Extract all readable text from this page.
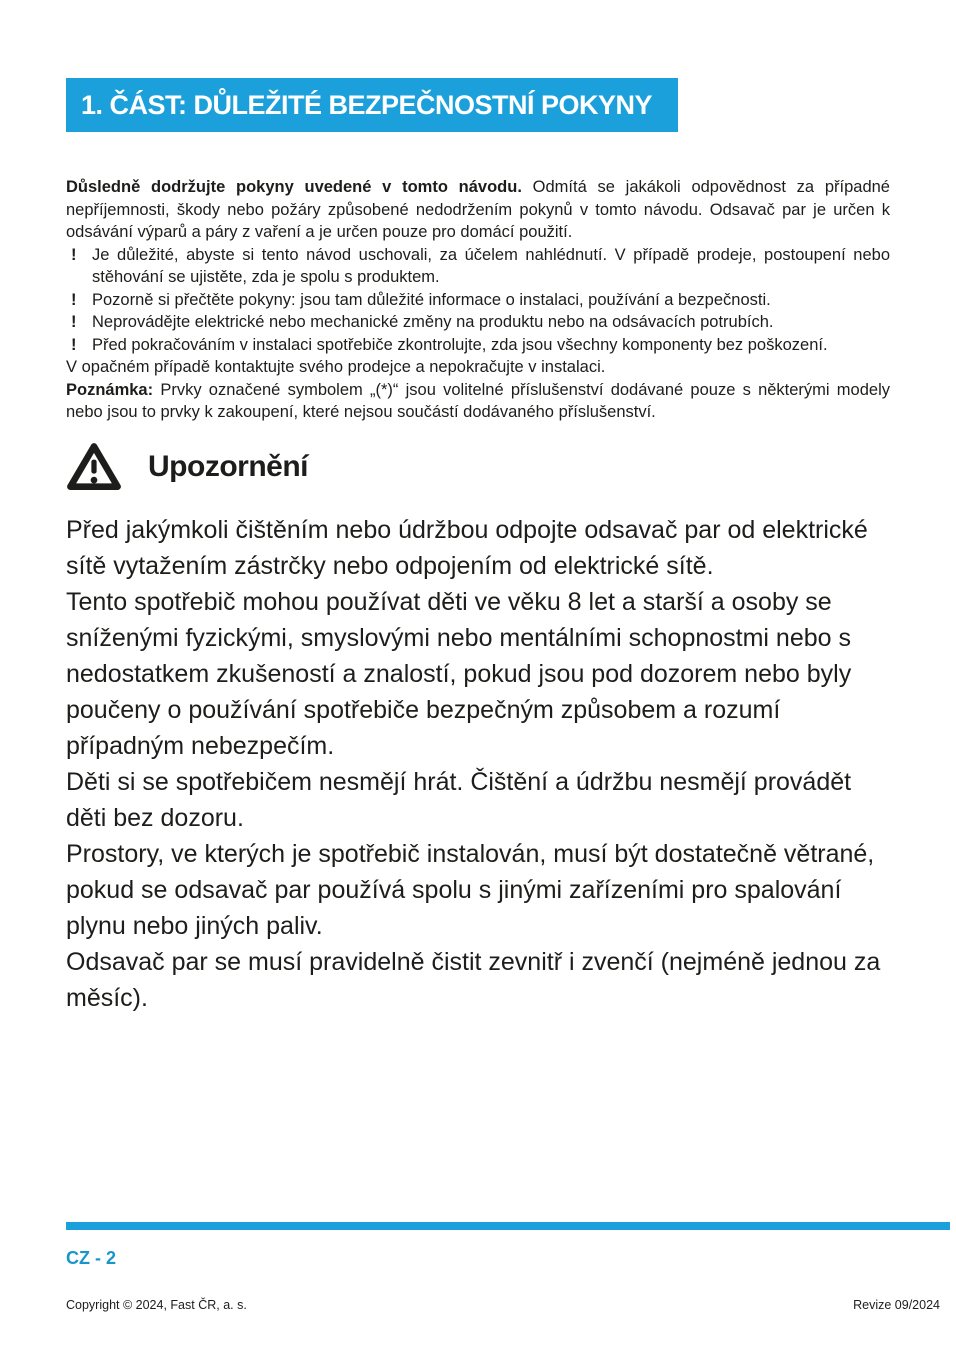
1. ČÁST: DŮLEŽITÉ BEZPEČNOSTNÍ POKYNY

Důsledně dodržujte pokyny uvedené v tomto návodu. Odmítá se jakákoli odpovědnost za případné nepříjemnosti, škody nebo požáry způsobené nedodržením pokynů v tomto návodu. Odsavač par je určen k odsávání výparů a páry z vaření a je určen pouze pro domácí použití.

! Je důležité, abyste si tento návod uschovali, za účelem nahlédnutí. V případě prodeje, postoupení nebo stěhování se ujistěte, zda je spolu s produktem.
! Pozorně si přečtěte pokyny: jsou tam důležité informace o instalaci, používání a bezpečnosti.
! Neprovádějte elektrické nebo mechanické změny na produktu nebo na odsávacích potrubích.
! Před pokračováním v instalaci spotřebiče zkontrolujte, zda jsou všechny komponenty bez poškození.

V opačném případě kontaktujte svého prodejce a nepokračujte v instalaci.

Poznámka: Prvky označené symbolem „(*)“ jsou volitelné příslušenství dodávané pouze s některými modely nebo jsou to prvky k zakoupení, které nejsou součástí dodávaného příslušenství.

Upozornění

Před jakýmkoli čištěním nebo údržbou odpojte odsavač par od elektrické sítě vytažením zástrčky nebo odpojením od elektrické sítě.

Tento spotřebič mohou používat děti ve věku 8 let a starší a osoby se sníženými fyzickými, smyslovými nebo mentálními schopnostmi nebo s nedostatkem zkušeností a znalostí, pokud jsou pod dozorem nebo byly poučeny o používání spotřebiče bezpečným způsobem a rozumí případným nebezpečím.

Děti si se spotřebičem nesmějí hrát. Čištění a údržbu nesmějí provádět děti bez dozoru.

Prostory, ve kterých je spotřebič instalován, musí být dostatečně větrané, pokud se odsavač par používá spolu s jinými zařízeními pro spalování plynu nebo jiných paliv.

Odsavač par se musí pravidelně čistit zevnitř i zvenčí (nejméně jednou za měsíc).

CZ - 2
Copyright © 2024, Fast ČR, a. s.	Revize 09/2024
